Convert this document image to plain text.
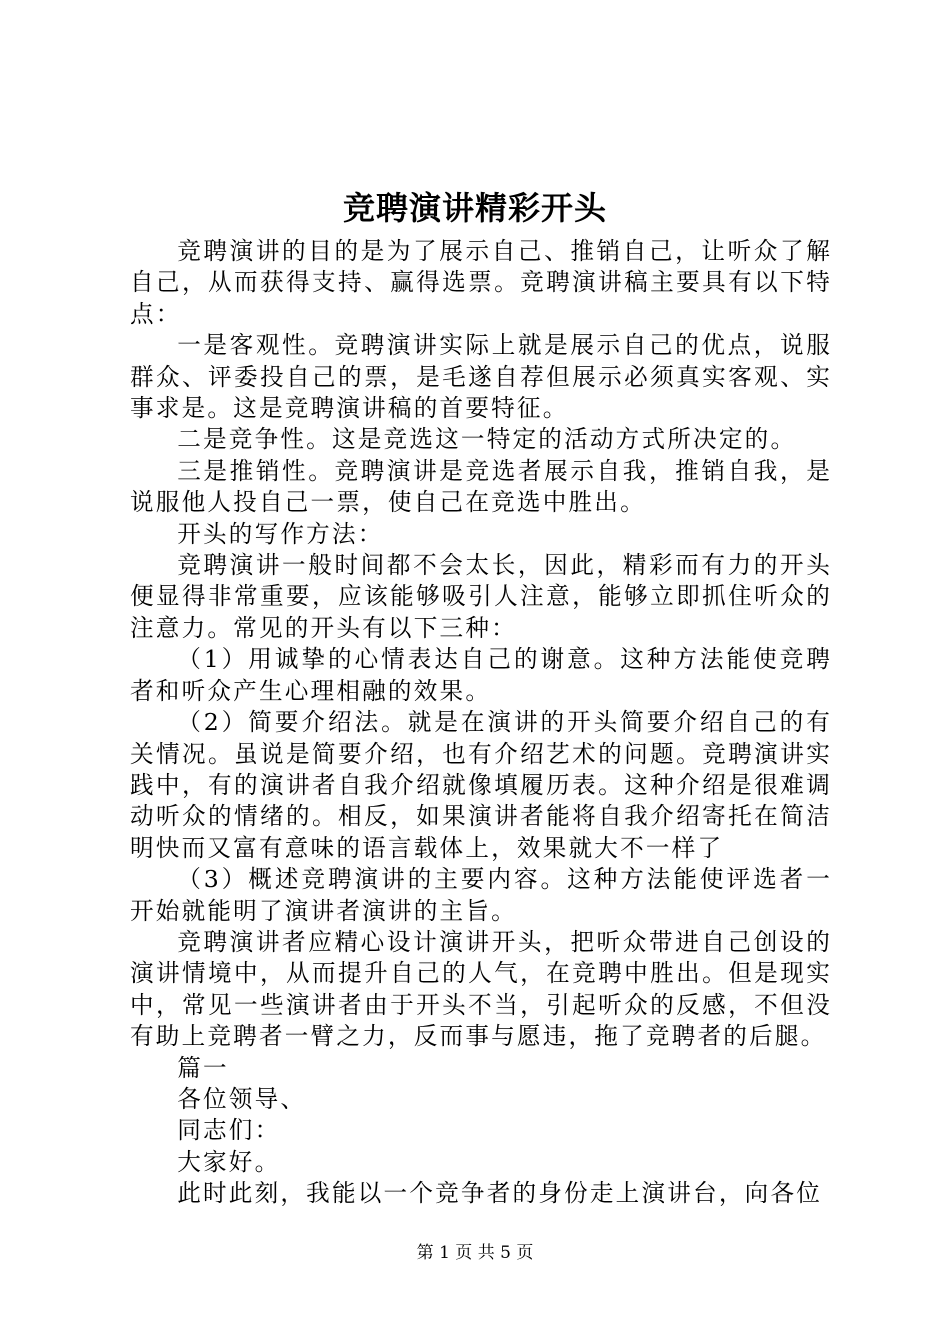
竞聘演讲精彩开头

竞聘演讲的目的是为了展示自己、推销自己，让听众了解自己，从而获得支持、赢得选票。竞聘演讲稿主要具有以下特点：

一是客观性。竞聘演讲实际上就是展示自己的优点，说服群众、评委投自己的票，是毛遂自荐但展示必须真实客观、实事求是。这是竞聘演讲稿的首要特征。

二是竞争性。这是竞选这一特定的活动方式所决定的。

三是推销性。竞聘演讲是竞选者展示自我，推销自我，是说服他人投自己一票，使自己在竞选中胜出。

开头的写作方法：

竞聘演讲一般时间都不会太长，因此，精彩而有力的开头便显得非常重要，应该能够吸引人注意，能够立即抓住听众的注意力。常见的开头有以下三种：

（1）用诚挚的心情表达自己的谢意。这种方法能使竞聘者和听众产生心理相融的效果。

（2）简要介绍法。就是在演讲的开头简要介绍自己的有关情况。虽说是简要介绍，也有介绍艺术的问题。竞聘演讲实践中，有的演讲者自我介绍就像填履历表。这种介绍是很难调动听众的情绪的。相反，如果演讲者能将自我介绍寄托在简洁明快而又富有意味的语言载体上，效果就大不一样了

（3）概述竞聘演讲的主要内容。这种方法能使评选者一开始就能明了演讲者演讲的主旨。

竞聘演讲者应精心设计演讲开头，把听众带进自己创设的演讲情境中，从而提升自己的人气，在竞聘中胜出。但是现实中，常见一些演讲者由于开头不当，引起听众的反感，不但没有助上竞聘者一臂之力，反而事与愿违，拖了竞聘者的后腿。

篇一

各位领导、

同志们：

大家好。

此时此刻，我能以一个竞争者的身份走上演讲台，向各位

第 1 页 共 5 页
